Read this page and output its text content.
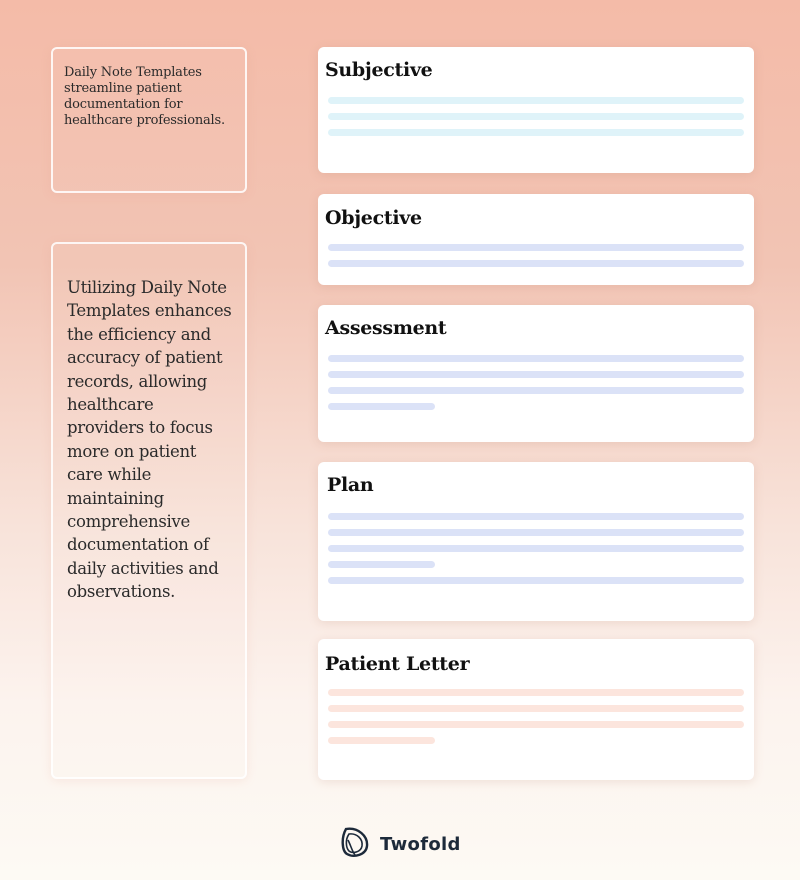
Daily Note Templates streamline patient documentation for healthcare professionals.
Utilizing Daily Note Templates enhances the efficiency and accuracy of patient records, allowing healthcare providers to focus more on patient care while maintaining comprehensive documentation of daily activities and observations.
Subjective
Objective
Assessment
Plan
Patient Letter
Twofold
